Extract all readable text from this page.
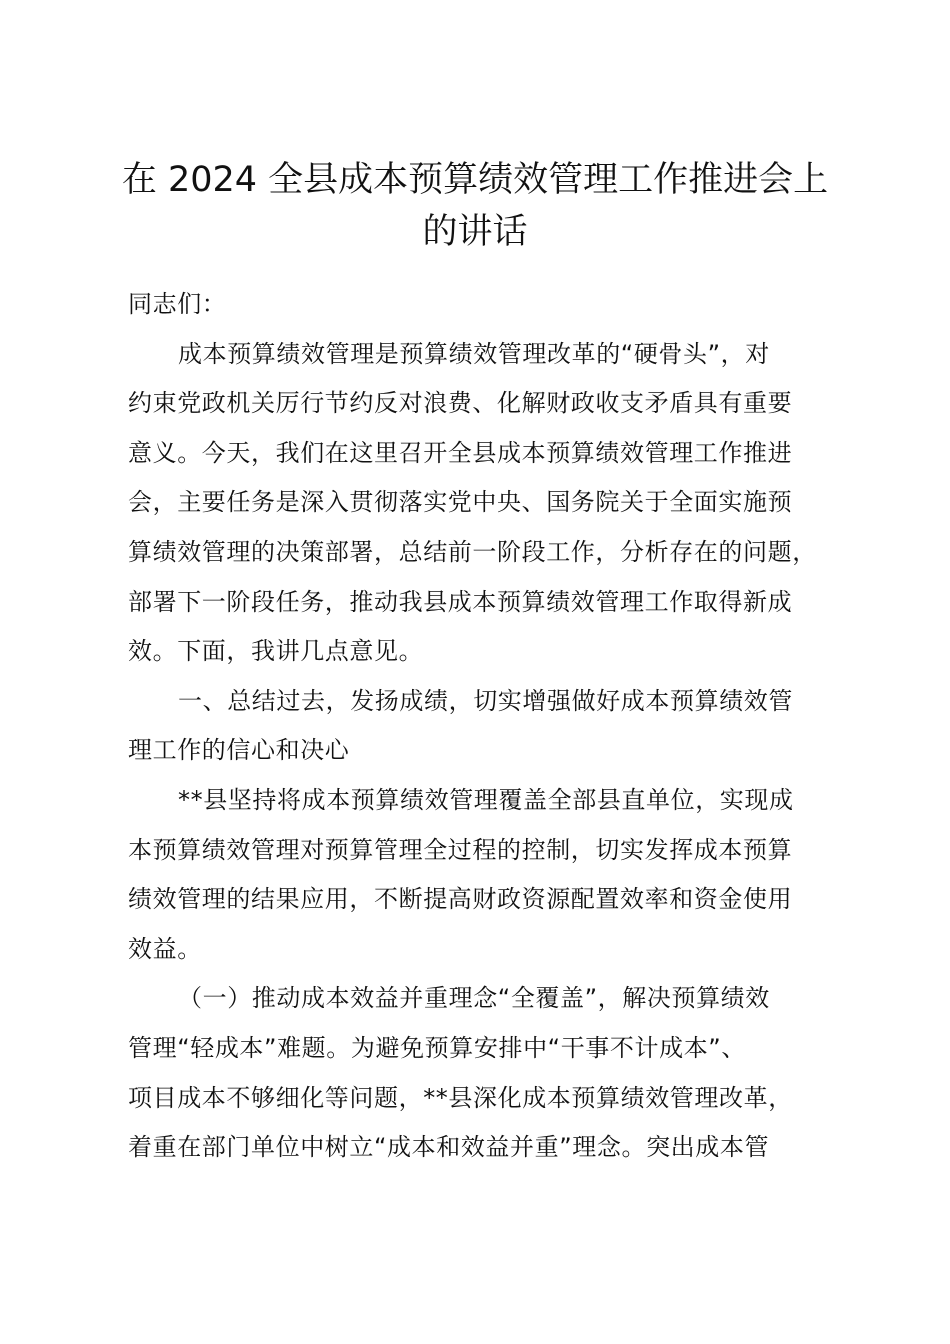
在 2024 全县成本预算绩效管理工作推进会上
的讲话
同志们：
成本预算绩效管理是预算绩效管理改革的“硬骨头”，对
约束党政机关厉行节约反对浪费、化解财政收支矛盾具有重要
意义。今天，我们在这里召开全县成本预算绩效管理工作推进
会，主要任务是深入贯彻落实党中央、国务院关于全面实施预
算绩效管理的决策部署，总结前一阶段工作，分析存在的问题，
部署下一阶段任务，推动我县成本预算绩效管理工作取得新成
效。下面，我讲几点意见。
一、总结过去，发扬成绩，切实增强做好成本预算绩效管
理工作的信心和决心
**县坚持将成本预算绩效管理覆盖全部县直单位，实现成
本预算绩效管理对预算管理全过程的控制，切实发挥成本预算
绩效管理的结果应用，不断提高财政资源配置效率和资金使用
效益。
（一）推动成本效益并重理念“全覆盖”，解决预算绩效
管理“轻成本”难题。为避免预算安排中“干事不计成本”、
项目成本不够细化等问题，**县深化成本预算绩效管理改革，
着重在部门单位中树立“成本和效益并重”理念。突出成本管
